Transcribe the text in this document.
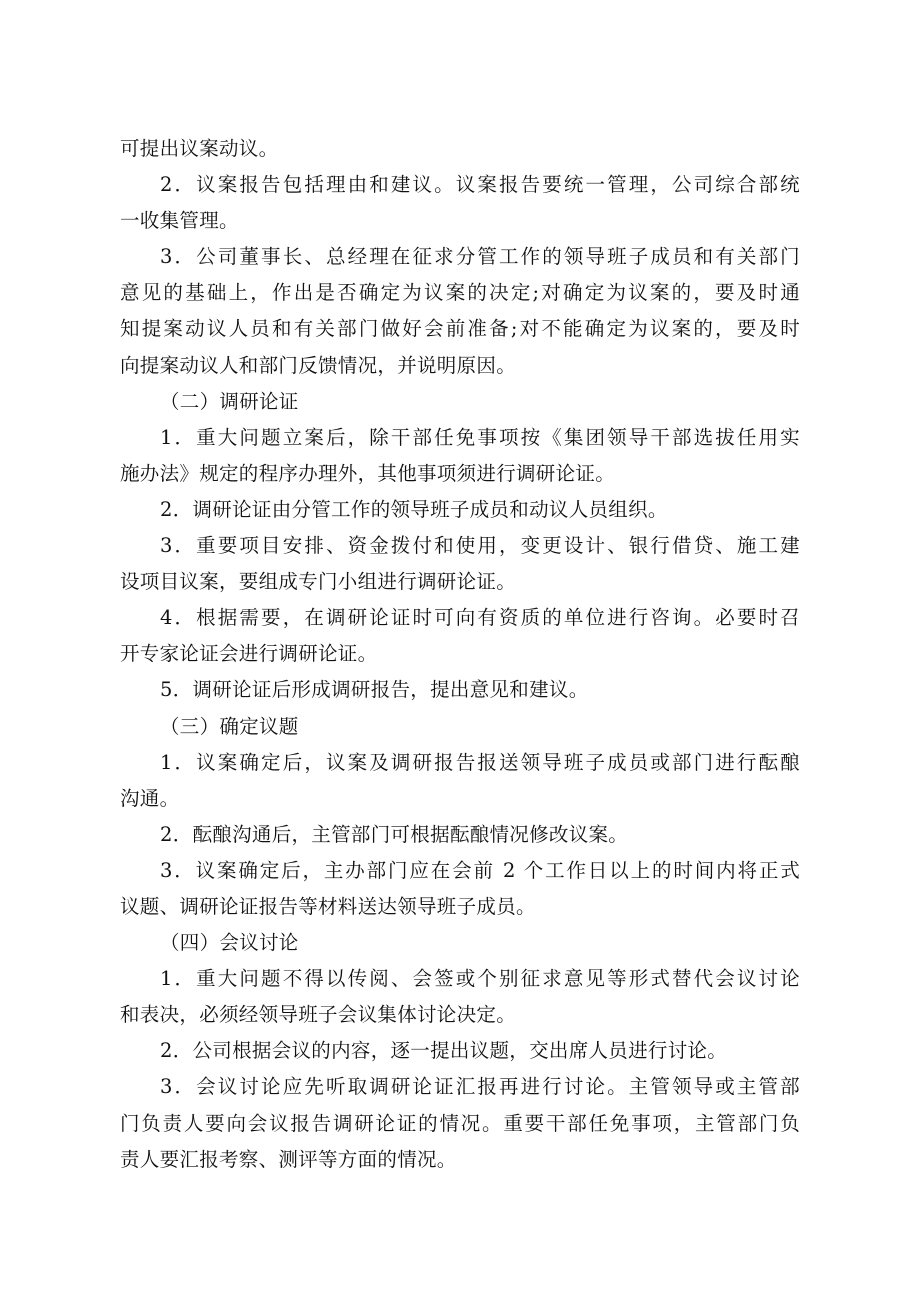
可提出议案动议。
2．议案报告包括理由和建议。议案报告要统一管理，公司综合部统
一收集管理。
3．公司董事长、总经理在征求分管工作的领导班子成员和有关部门
意见的基础上，作出是否确定为议案的决定;对确定为议案的，要及时通
知提案动议人员和有关部门做好会前准备;对不能确定为议案的，要及时
向提案动议人和部门反馈情况，并说明原因。
（二）调研论证
1．重大问题立案后，除干部任免事项按《集团领导干部选拔任用实
施办法》规定的程序办理外，其他事项须进行调研论证。
2．调研论证由分管工作的领导班子成员和动议人员组织。
3．重要项目安排、资金拨付和使用，变更设计、银行借贷、施工建
设项目议案，要组成专门小组进行调研论证。
4．根据需要，在调研论证时可向有资质的单位进行咨询。必要时召
开专家论证会进行调研论证。
5．调研论证后形成调研报告，提出意见和建议。
（三）确定议题
1．议案确定后，议案及调研报告报送领导班子成员或部门进行酝酿
沟通。
2．酝酿沟通后，主管部门可根据酝酿情况修改议案。
3．议案确定后，主办部门应在会前 2 个工作日以上的时间内将正式
议题、调研论证报告等材料送达领导班子成员。
（四）会议讨论
1．重大问题不得以传阅、会签或个别征求意见等形式替代会议讨论
和表决，必须经领导班子会议集体讨论决定。
2．公司根据会议的内容，逐一提出议题，交出席人员进行讨论。
3．会议讨论应先听取调研论证汇报再进行讨论。主管领导或主管部
门负责人要向会议报告调研论证的情况。重要干部任免事项，主管部门负
责人要汇报考察、测评等方面的情况。
